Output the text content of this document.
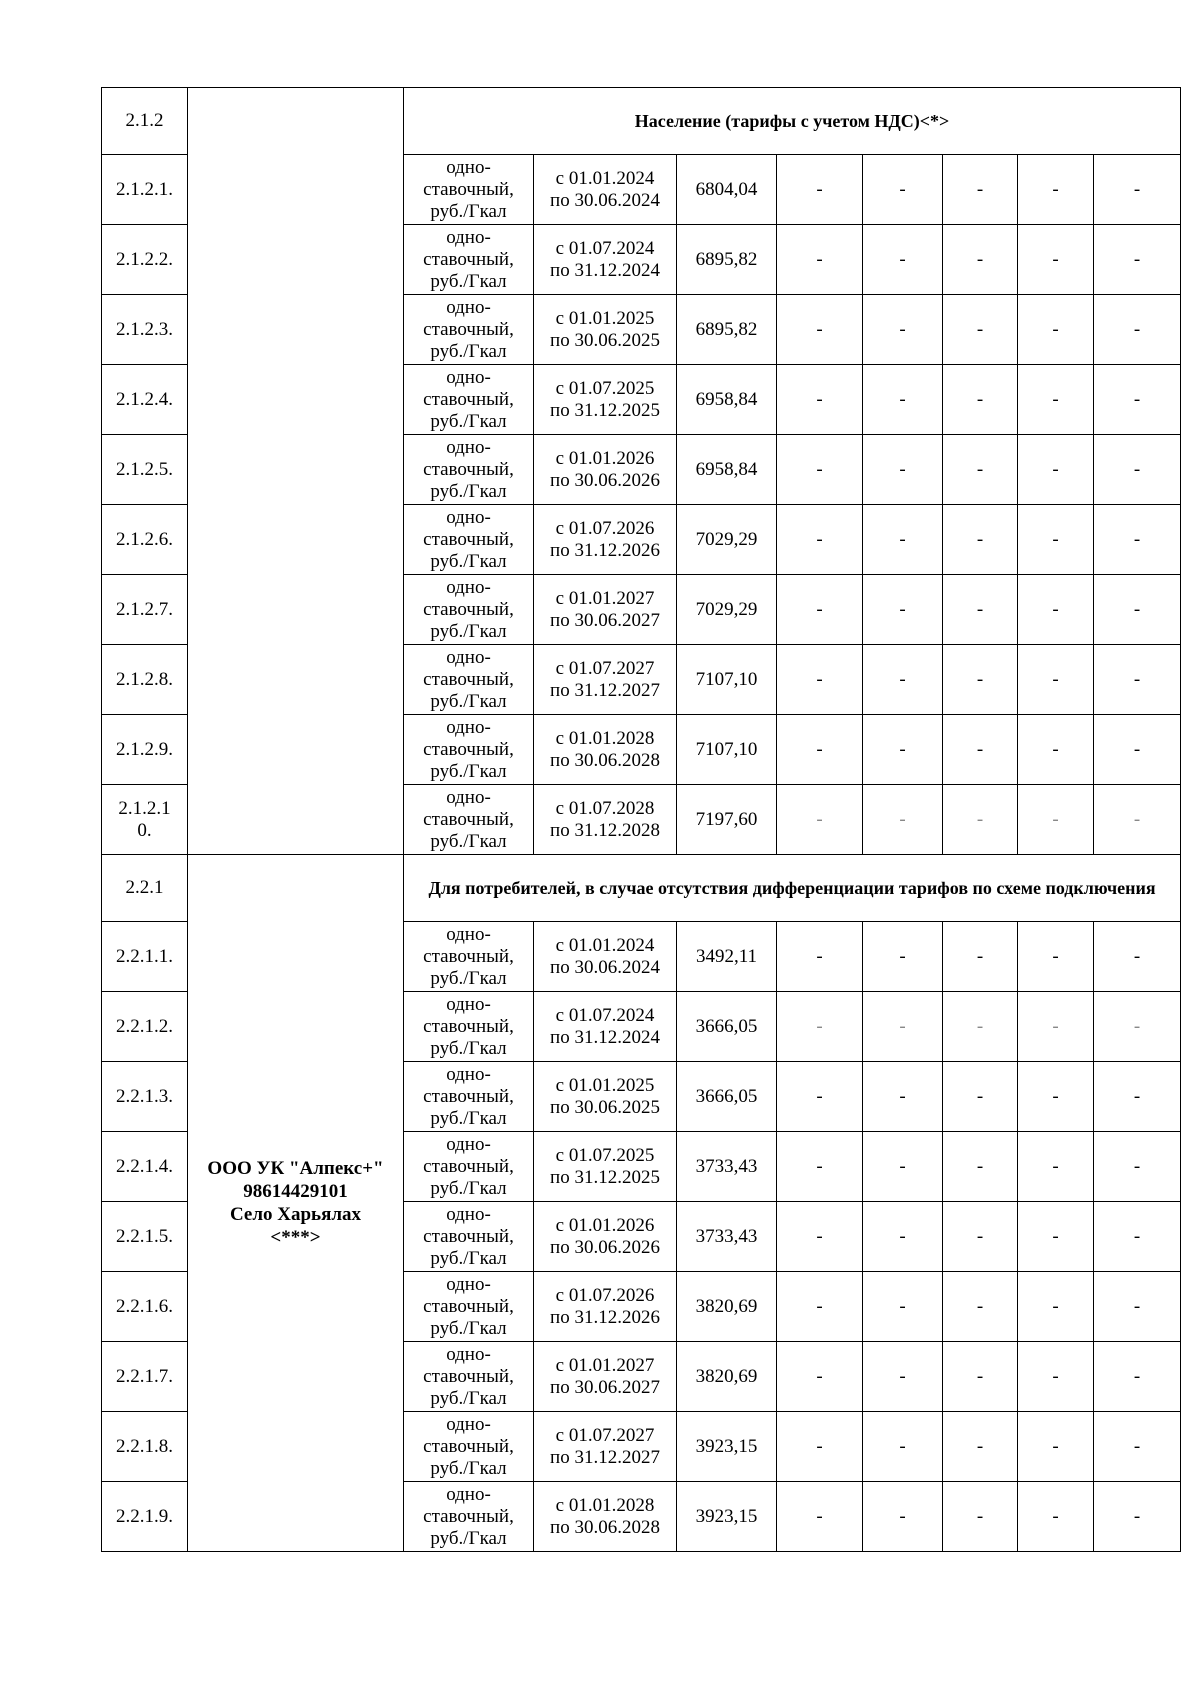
2.1.2		Население (тарифы с учетом НДС)<*>							
2.1.2.1.		одно-
ставочный,
руб./Гкал	с 01.01.2024
по 30.06.2024	6804,04	-	-	-	-	-
2.1.2.2.		одно-
ставочный,
руб./Гкал	с 01.07.2024
по 31.12.2024	6895,82	-	-	-	-	-
2.1.2.3.		одно-
ставочный,
руб./Гкал	с 01.01.2025
по 30.06.2025	6895,82	-	-	-	-	-
2.1.2.4.		одно-
ставочный,
руб./Гкал	с 01.07.2025
по 31.12.2025	6958,84	-	-	-	-	-
2.1.2.5.		одно-
ставочный,
руб./Гкал	с 01.01.2026
по 30.06.2026	6958,84	-	-	-	-	-
2.1.2.6.		одно-
ставочный,
руб./Гкал	с 01.07.2026
по 31.12.2026	7029,29	-	-	-	-	-
2.1.2.7.		одно-
ставочный,
руб./Гкал	с 01.01.2027
по 30.06.2027	7029,29	-	-	-	-	-
2.1.2.8.		одно-
ставочный,
руб./Гкал	с 01.07.2027
по 31.12.2027	7107,10	-	-	-	-	-
2.1.2.9.		одно-
ставочный,
руб./Гкал	с 01.01.2028
по 30.06.2028	7107,10	-	-	-	-	-
2.1.2.1
0.		одно-
ставочный,
руб./Гкал	с 01.07.2028
по 31.12.2028	7197,60	-	-	-	-	-
2.2.1	ООО УК "Алпекс+"
98614429101
Село Харьялах
<***>	Для потребителей, в случае отсутствия дифференциации тарифов по схеме подключения							
2.2.1.1.		одно-
ставочный,
руб./Гкал	с 01.01.2024
по 30.06.2024	3492,11	-	-	-	-	-
2.2.1.2.		одно-
ставочный,
руб./Гкал	с 01.07.2024
по 31.12.2024	3666,05	-	-	-	-	-
2.2.1.3.		одно-
ставочный,
руб./Гкал	с 01.01.2025
по 30.06.2025	3666,05	-	-	-	-	-
2.2.1.4.		одно-
ставочный,
руб./Гкал	с 01.07.2025
по 31.12.2025	3733,43	-	-	-	-	-
2.2.1.5.		одно-
ставочный,
руб./Гкал	с 01.01.2026
по 30.06.2026	3733,43	-	-	-	-	-
2.2.1.6.		одно-
ставочный,
руб./Гкал	с 01.07.2026
по 31.12.2026	3820,69	-	-	-	-	-
2.2.1.7.		одно-
ставочный,
руб./Гкал	с 01.01.2027
по 30.06.2027	3820,69	-	-	-	-	-
2.2.1.8.		одно-
ставочный,
руб./Гкал	с 01.07.2027
по 31.12.2027	3923,15	-	-	-	-	-
2.2.1.9.		одно-
ставочный,
руб./Гкал	с 01.01.2028
по 30.06.2028	3923,15	-	-	-	-	-
